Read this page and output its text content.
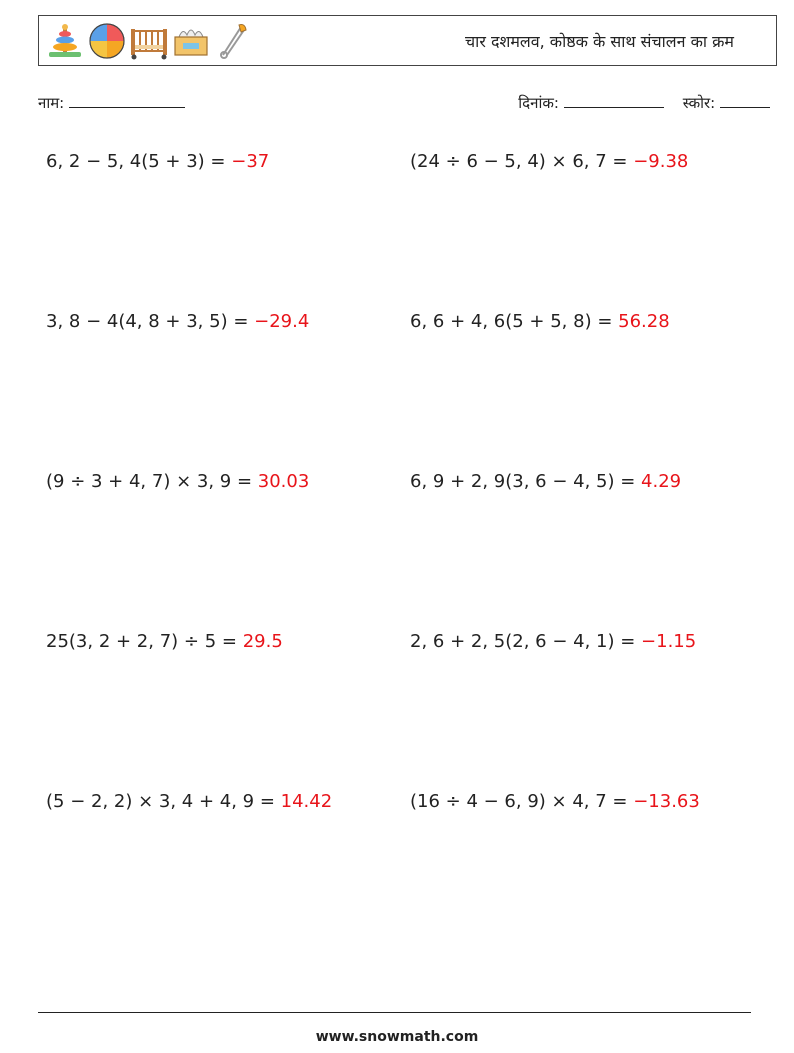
चार दशमलव, कोष्ठक के साथ संचालन का क्रम
नाम:	दिनांक:	स्कोर:
6, 2 − 5, 4(5 + 3) = −37	(24 ÷ 6 − 5, 4) × 6, 7 = −9.38
3, 8 − 4(4, 8 + 3, 5) = −29.4	6, 6 + 4, 6(5 + 5, 8) = 56.28
(9 ÷ 3 + 4, 7) × 3, 9 = 30.03	6, 9 + 2, 9(3, 6 − 4, 5) = 4.29
25(3, 2 + 2, 7) ÷ 5 = 29.5	2, 6 + 2, 5(2, 6 − 4, 1) = −1.15
(5 − 2, 2) × 3, 4 + 4, 9 = 14.42	(16 ÷ 4 − 6, 9) × 4, 7 = −13.63
www.snowmath.com
